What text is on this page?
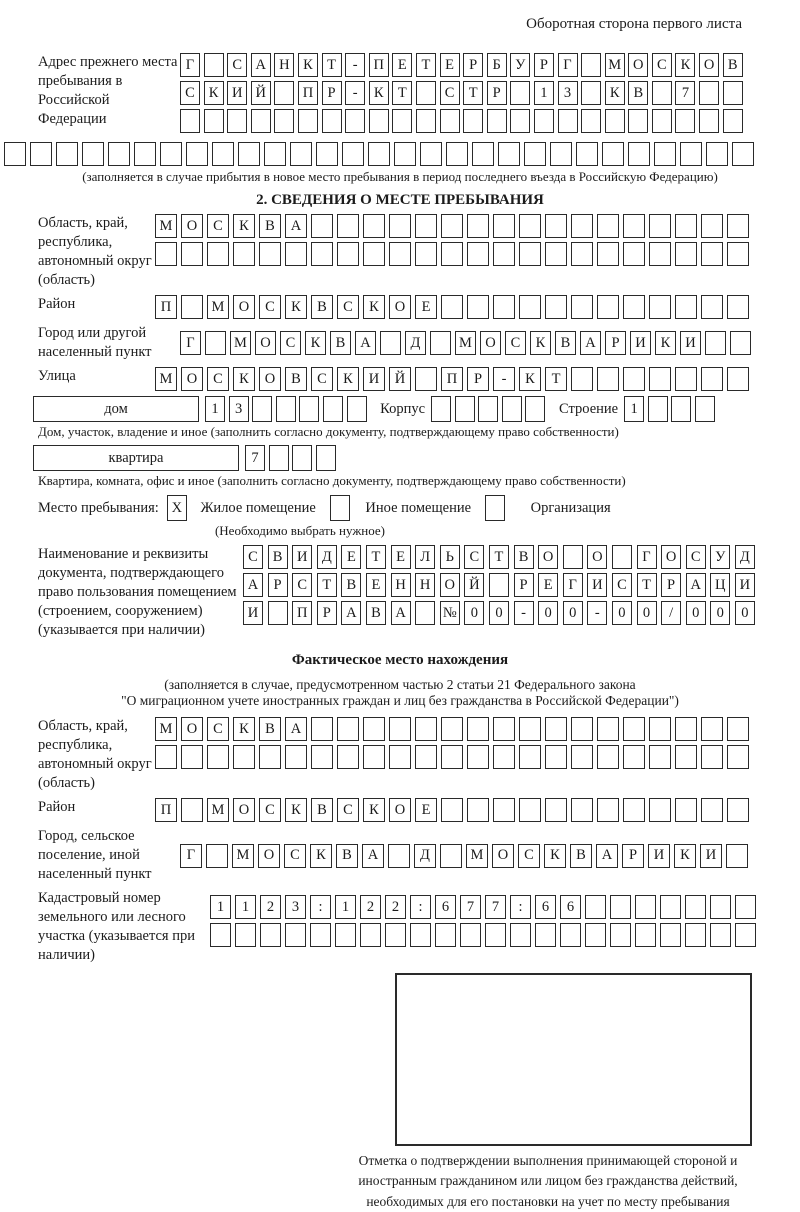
Оборотная сторона первого листа
Адрес прежнего места пребывания в Российской Федерации
Г	С А Н К Т	-	П Е	Т	Е	Р	Б У Р	Г	М О С К О В
С К И Й	П Р	-	К Т	С Т	Р	1	3	К В	7
(заполняется в случае прибытия в новое место пребывания в период последнего въезда в Российскую Федерацию)
2. СВЕДЕНИЯ О МЕСТЕ ПРЕБЫВАНИЯ
Область, край, республика, автономный округ (область)
М О	С	К	В	А
Район	П	М О	С	К	В	С	К	О	Е
Город или другой населенный пункт
Г	М О	С	К	В	А	Д	М О	С	К	В	А	Р	И	К	И
Улица	М О	С	К	О	В	С	К	И	Й	П	Р	-	К	Т
дом	1	3	Корпус	Строение 1
Дом, участок, владение и иное (заполнить согласно документу, подтверждающему право собственности)
квартира	7
Квартира, комната, офис и иное (заполнить согласно документу, подтверждающему право собственности)
Место пребывания: X	Жилое помещение	Иное помещение	Организация
(Необходимо выбрать нужное)
Наименование и реквизиты документа, подтверждающего право пользования помещением (строением, сооружением) (указывается при наличии)
С	В	И Д	Е	Т	Е	Л	Ь	С	Т	В	О	О	Г	О	С	У	Д
А	Р	С	Т	В	Е	Н Н О Й	Р	Е	Г	И	С	Т	Р	А Ц И
И	П	Р	А	В	А	№ 0	0	-	0	0	-	0	0	/	0	0	0
Фактическое место нахождения
(заполняется в случае, предусмотренном частью 2 статьи 21 Федерального закона
"О миграционном учете иностранных граждан и лиц без гражданства в Российской Федерации")
Область, край, республика, автономный округ (область)
М О	С	К	В	А
Район	П	М О	С	К	В	С	К	О	Е
Город, сельское поселение, иной населенный пункт
Г	М О	С	К	В	А	Д	М О	С	К	В	А	Р	И	К	И
Кадастровый номер земельного или лесного участка (указывается при наличии)
1	1	2	3	:	1	2	2	:	6	7	7	:	6	6
Отметка о подтверждении выполнения принимающей стороной и иностранным гражданином или лицом без гражданства действий, необходимых для его постановки на учет по месту пребывания
